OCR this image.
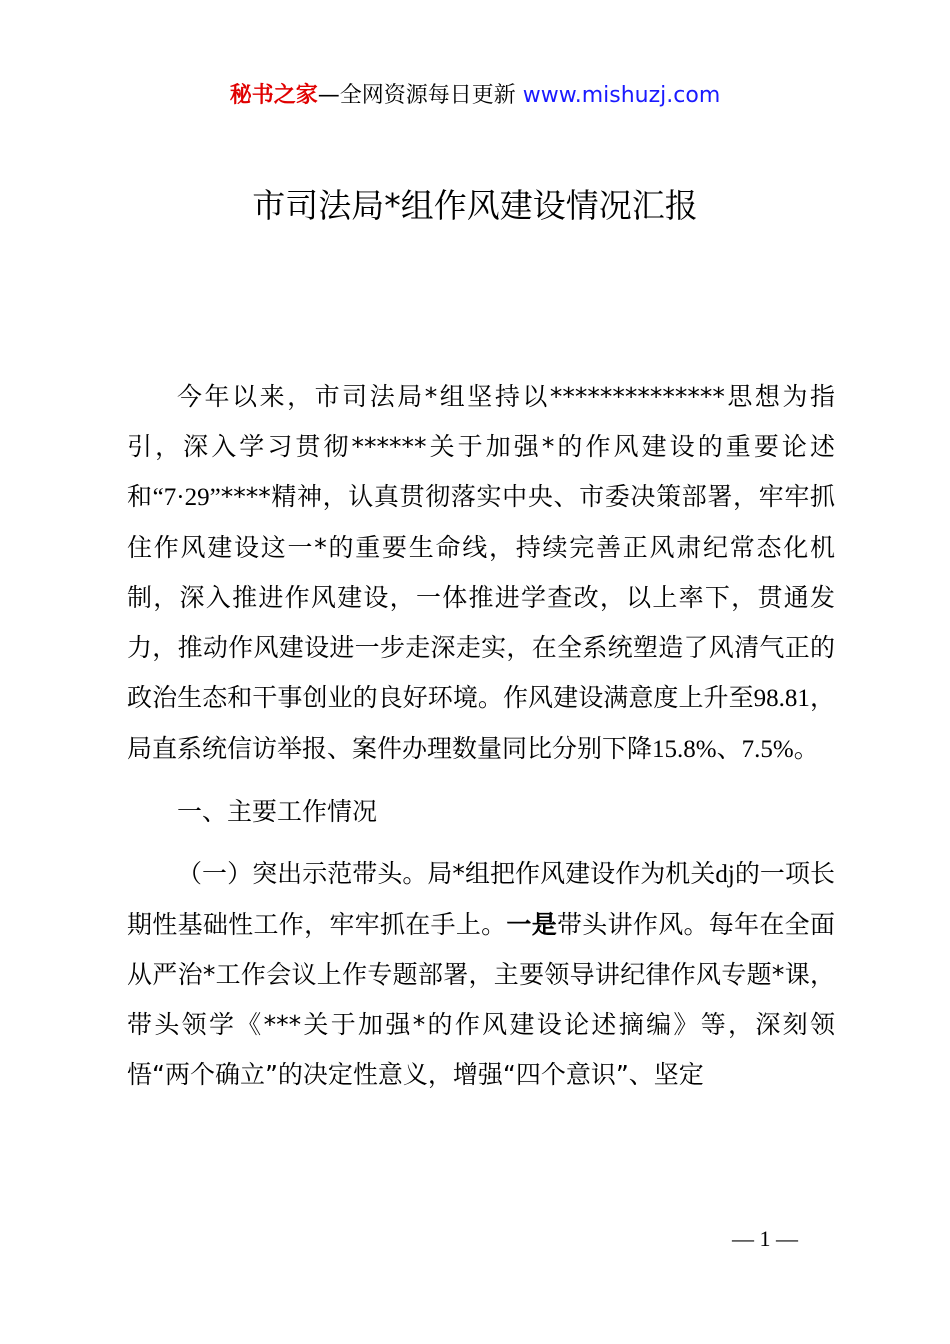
秘书之家—全网资源每日更新 www.mishuzj.com
市司法局*组作风建设情况汇报

今年以来，市司法局*组坚持以**************思想为指引，深入学习贯彻******关于加强*的作风建设的重要论述和“7·29”****精神，认真贯彻落实中央、市委决策部署，牢牢抓住作风建设这一*的重要生命线，持续完善正风肃纪常态化机制，深入推进作风建设，一体推进学查改，以上率下，贯通发力，推动作风建设进一步走深走实，在全系统塑造了风清气正的政治生态和干事创业的良好环境。作风建设满意度上升至98.81，局直系统信访举报、案件办理数量同比分别下降15.8%、7.5%。

一、主要工作情况

（一）突出示范带头。局*组把作风建设作为机关dj的一项长期性基础性工作，牢牢抓在手上。一是带头讲作风。每年在全面从严治*工作会议上作专题部署，主要领导讲纪律作风专题*课，带头领学《***关于加强*的作风建设论述摘编》等，深刻领悟“两个确立”的决定性意义，增强“四个意识”、坚定

— 1 —
